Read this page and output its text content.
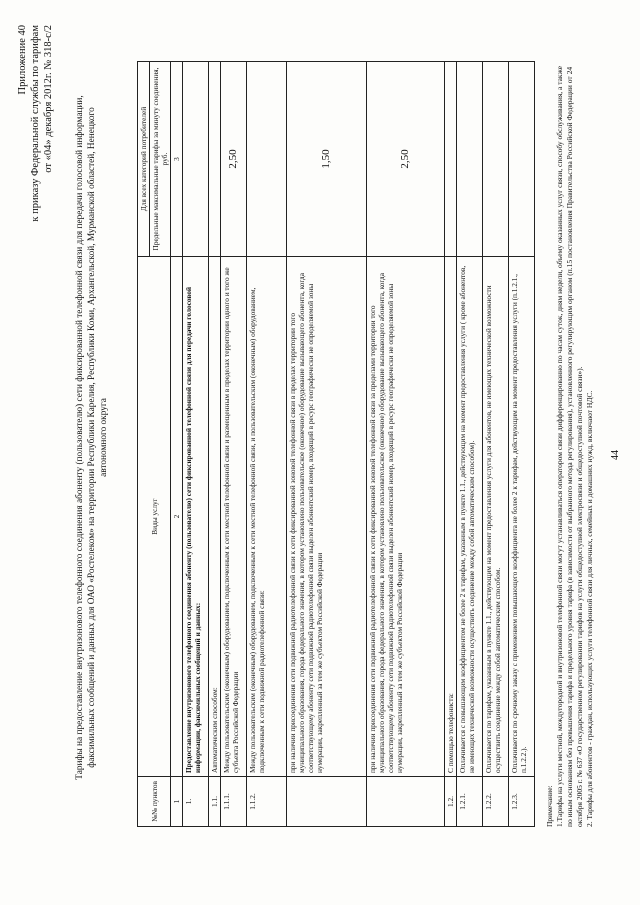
Приложение 40 к приказу Федеральной службы по тарифам от «04» декабря 2012г. № 318-с/2 Тарифы на предоставление внутризонового телефонного соединения абоненту (пользователю) сети фиксированной телефонной связи для передачи голосовой информации, факсимильных сообщений и данных для ОАО «Ростелеком» на территории Республики Карелия, Республики Коми, Архангельской, Мурманской областей, Ненецкого автономного округа
№№ пунктов	Виды услуг	Для всех категорий потребителей
		Предельные максимальные тарифы за минуту соединения, руб.
1	2	3
1.	Предоставление внутризонового телефонного соединения абоненту (пользователю) сети фиксированной телефонной связи для передачи голосовой информации, факсимильных сообщений и данных:	
1.1.	Автоматическим способом:	
1.1.1.	Между пользовательским (оконечным) оборудованием, подключенным к сети местной телефонной связи и размещенным в пределах территории одного и того же субъекта Российской Федерации	2,50
1.1.2.	Между пользовательским (оконечным) оборудованием, подключенным к сети местной телефонной связи, и пользовательским (оконечным) оборудованием, подключенным к сети подвижной радиотелефонной связи:	
	при наличии присоединения сети подвижной радиотелефонной связи к сети фиксированной зоновой телефонной связи в пределах территории того муниципального образования, города федерального значения, в котором установлено пользовательское (оконечное) оборудование вызывающего абонента, когда соответствующему абоненту сети подвижной радиотелефонной связи выделен абонентский номер, входящий в ресурс географически не определяемой зоны нумерации, закрепленный за тем же субъектом Российской Федерации	1,50
	при наличии присоединения сети подвижной радиотелефонной связи к сети фиксированной зоновой телефонной связи за пределами территории того муниципального образования, города федерального значения, в котором установлено пользовательское (оконечное) оборудование вызывающего абонента, когда соответствующему абоненту сети подвижной радиотелефонной связи выделен абонентский номер, входящий в ресурс географически не определяемой зоны нумерации, закрепленный за тем же субъектом Российской Федерации	2,50
1.2.	С помощью телефониста:	
1.2.1.	Оплачивается с повышающим коэффициентом не более 2 к тарифам, указанным в пункте 1.1., действующим на момент предоставления услуги ( кроме абонентов, не имеющих технической возможности осуществить соединение между собой автоматическим способом).	
1.2.2.	Оплачивается по тарифам, указанным в пункте 1.1., действующим на момент предоставления услуги для абонентов, не имеющих технической возможности осуществить соединение между собой автоматическим способом.	
1.2.3.	Оплачивается по срочному заказу с применением повышающего коэффициента не более 2 к тарифам, действующим на момент предоставления услуги (п.1.2.1., п.1.2.2.).	
Примечание: 1.Тарифы на услуги местной, междугородной и внутризоновой телефонной связи могут устанавливаться оператором связи дифференцированно по часам суток, дням недели, объему оказанных услуг связи, способу обслуживания, а также по иным основаниям без превышения тарифа и предельного уровня тарифа (в зависимости от выбранного метода регулирования), установленного регулирующим органом (п.15 постановления Правительства Российской Федерации от 24 октября 2005 г. № 637 «О государственном регулировании тарифов на услуги общедоступной электросвязи и общедоступной почтовой связи»). 2. Тарифы для абонентов - граждан, использующих услуги телефонной связи для личных, семейных и домашних нужд, включают НДС. 44
